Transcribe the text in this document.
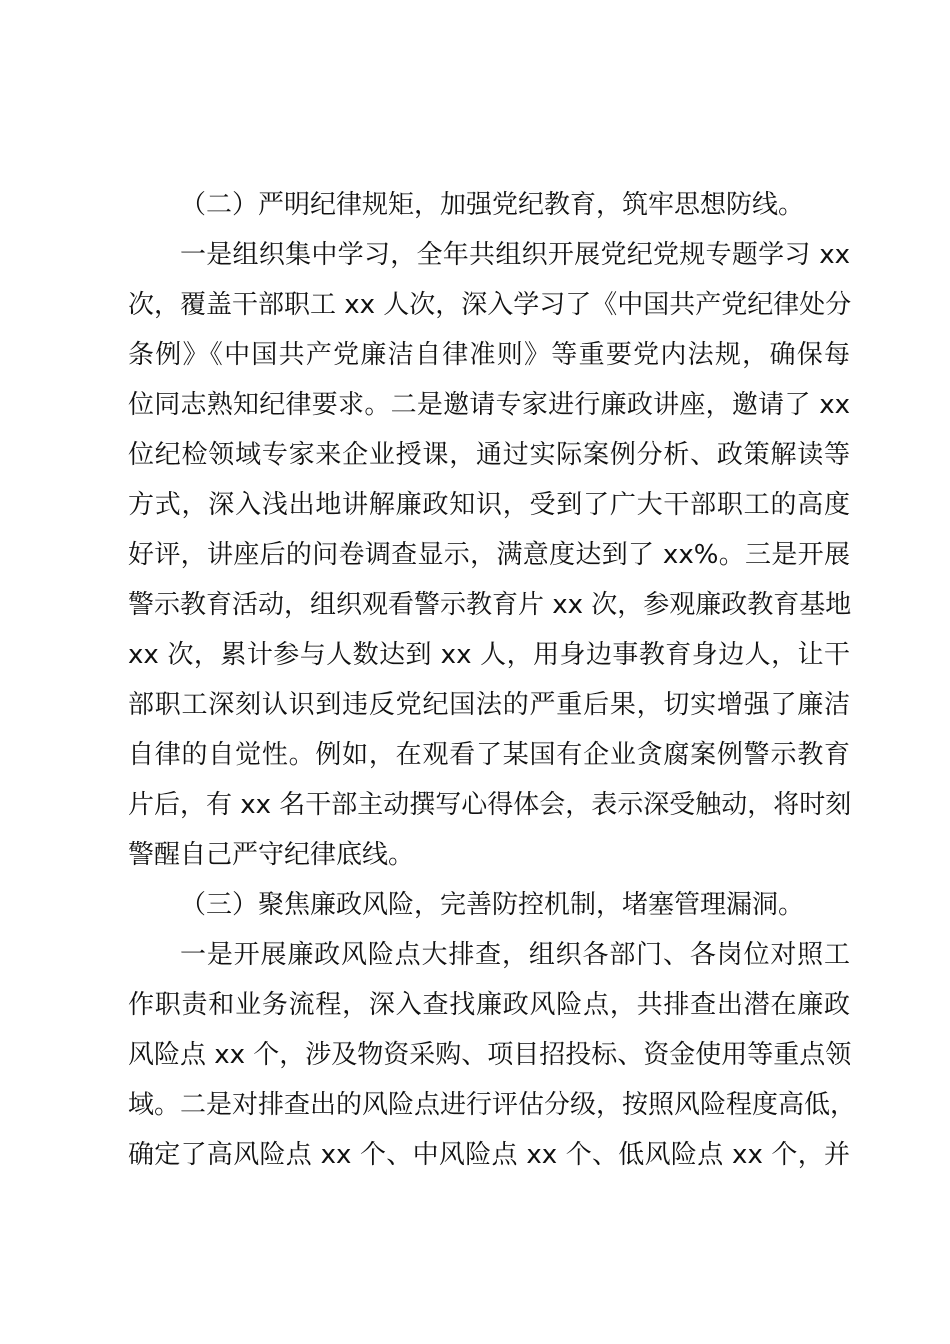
（二）严明纪律规矩，加强党纪教育，筑牢思想防线。

一是组织集中学习，全年共组织开展党纪党规专题学习 xx
次，覆盖干部职工 xx 人次，深入学习了《中国共产党纪律处分
条例》《中国共产党廉洁自律准则》等重要党内法规，确保每
位同志熟知纪律要求。二是邀请专家进行廉政讲座，邀请了 xx
位纪检领域专家来企业授课，通过实际案例分析、政策解读等
方式，深入浅出地讲解廉政知识，受到了广大干部职工的高度
好评，讲座后的问卷调查显示，满意度达到了 xx%。三是开展
警示教育活动，组织观看警示教育片 xx 次，参观廉政教育基地
xx 次，累计参与人数达到 xx 人，用身边事教育身边人，让干
部职工深刻认识到违反党纪国法的严重后果，切实增强了廉洁
自律的自觉性。例如，在观看了某国有企业贪腐案例警示教育
片后，有 xx 名干部主动撰写心得体会，表示深受触动，将时刻
警醒自己严守纪律底线。

（三）聚焦廉政风险，完善防控机制，堵塞管理漏洞。

一是开展廉政风险点大排查，组织各部门、各岗位对照工
作职责和业务流程，深入查找廉政风险点，共排查出潜在廉政
风险点 xx 个，涉及物资采购、项目招投标、资金使用等重点领
域。二是对排查出的风险点进行评估分级，按照风险程度高低，
确定了高风险点 xx 个、中风险点 xx 个、低风险点 xx 个，并
